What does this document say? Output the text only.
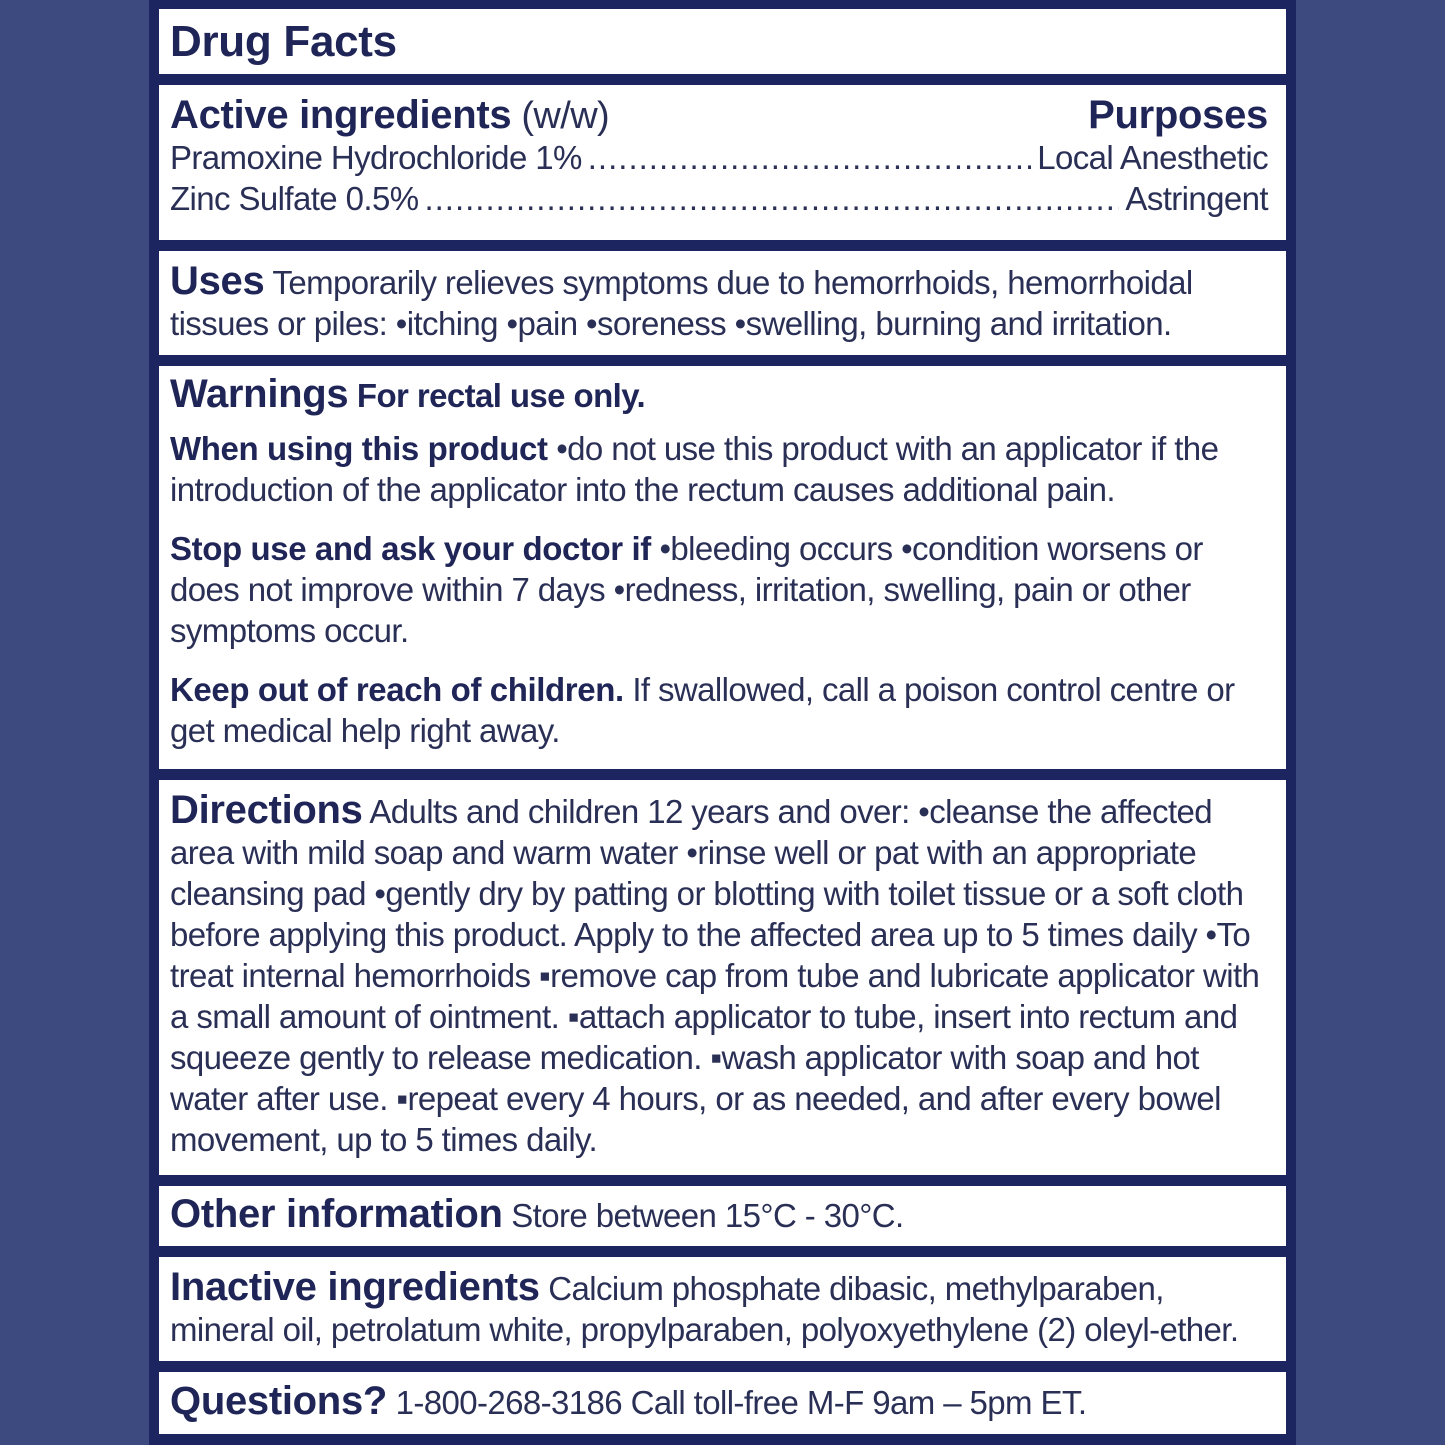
Drug Facts
Active ingredients (w/w)	Purposes
Pramoxine Hydrochloride 1% .....	Local Anesthetic
Zinc Sulfate 0.5% .....	Astringent

Uses Temporarily relieves symptoms due to hemorrhoids, hemorrhoidal tissues or piles: •itching •pain •soreness •swelling, burning and irritation.

Warnings For rectal use only.

When using this product •do not use this product with an applicator if the introduction of the applicator into the rectum causes additional pain.

Stop use and ask your doctor if •bleeding occurs •condition worsens or does not improve within 7 days •redness, irritation, swelling, pain or other symptoms occur.

Keep out of reach of children. If swallowed, call a poison control centre or get medical help right away.

Directions Adults and children 12 years and over: •cleanse the affected area with mild soap and warm water •rinse well or pat with an appropriate cleansing pad •gently dry by patting or blotting with toilet tissue or a soft cloth before applying this product. Apply to the affected area up to 5 times daily •To treat internal hemorrhoids ▪remove cap from tube and lubricate applicator with a small amount of ointment. ▪attach applicator to tube, insert into rectum and squeeze gently to release medication. ▪wash applicator with soap and hot water after use. ▪repeat every 4 hours, or as needed, and after every bowel movement, up to 5 times daily.

Other information Store between 15°C - 30°C.

Inactive ingredients Calcium phosphate dibasic, methylparaben, mineral oil, petrolatum white, propylparaben, polyoxyethylene (2) oleyl-ether.

Questions? 1-800-268-3186 Call toll-free M-F 9am – 5pm ET.
